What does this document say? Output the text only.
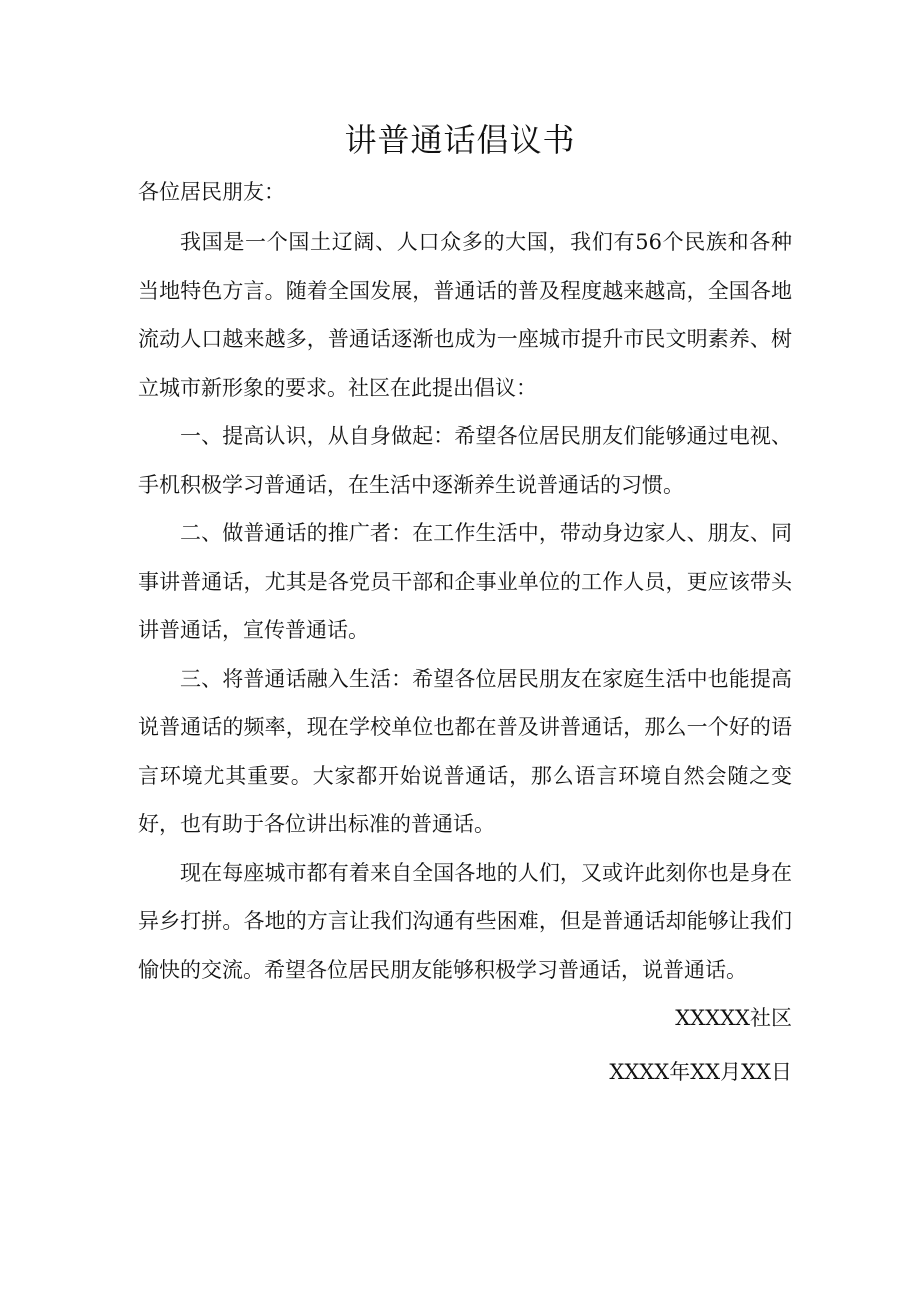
讲普通话倡议书

各位居民朋友：

我国是一个国土辽阔、人口众多的大国，我们有56个民族和各种当地特色方言。随着全国发展，普通话的普及程度越来越高，全国各地流动人口越来越多，普通话逐渐也成为一座城市提升市民文明素养、树立城市新形象的要求。社区在此提出倡议：

一、提高认识，从自身做起：希望各位居民朋友们能够通过电视、手机积极学习普通话，在生活中逐渐养生说普通话的习惯。

二、做普通话的推广者：在工作生活中，带动身边家人、朋友、同事讲普通话，尤其是各党员干部和企事业单位的工作人员，更应该带头讲普通话，宣传普通话。

三、将普通话融入生活：希望各位居民朋友在家庭生活中也能提高说普通话的频率，现在学校单位也都在普及讲普通话，那么一个好的语言环境尤其重要。大家都开始说普通话，那么语言环境自然会随之变好，也有助于各位讲出标准的普通话。

现在每座城市都有着来自全国各地的人们，又或许此刻你也是身在异乡打拼。各地的方言让我们沟通有些困难，但是普通话却能够让我们愉快的交流。希望各位居民朋友能够积极学习普通话，说普通话。

XXXXX社区
XXXX年XX月XX日
